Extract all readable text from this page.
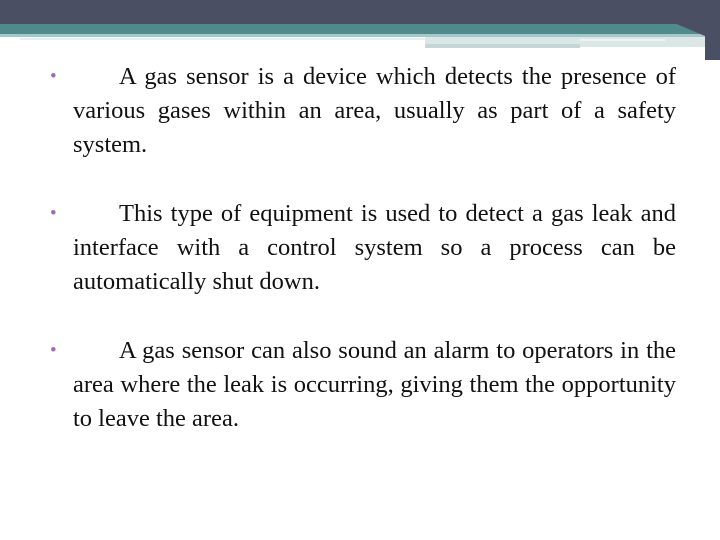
•	A gas sensor is a device which detects the presence of various gases within an area, usually as part of a safety system.
•	This type of equipment is used to detect a gas leak and interface with a control system so a process can be automatically shut down.
•	A gas sensor can also sound an alarm to operators in the area where the leak is occurring, giving them the opportunity to leave the area.
